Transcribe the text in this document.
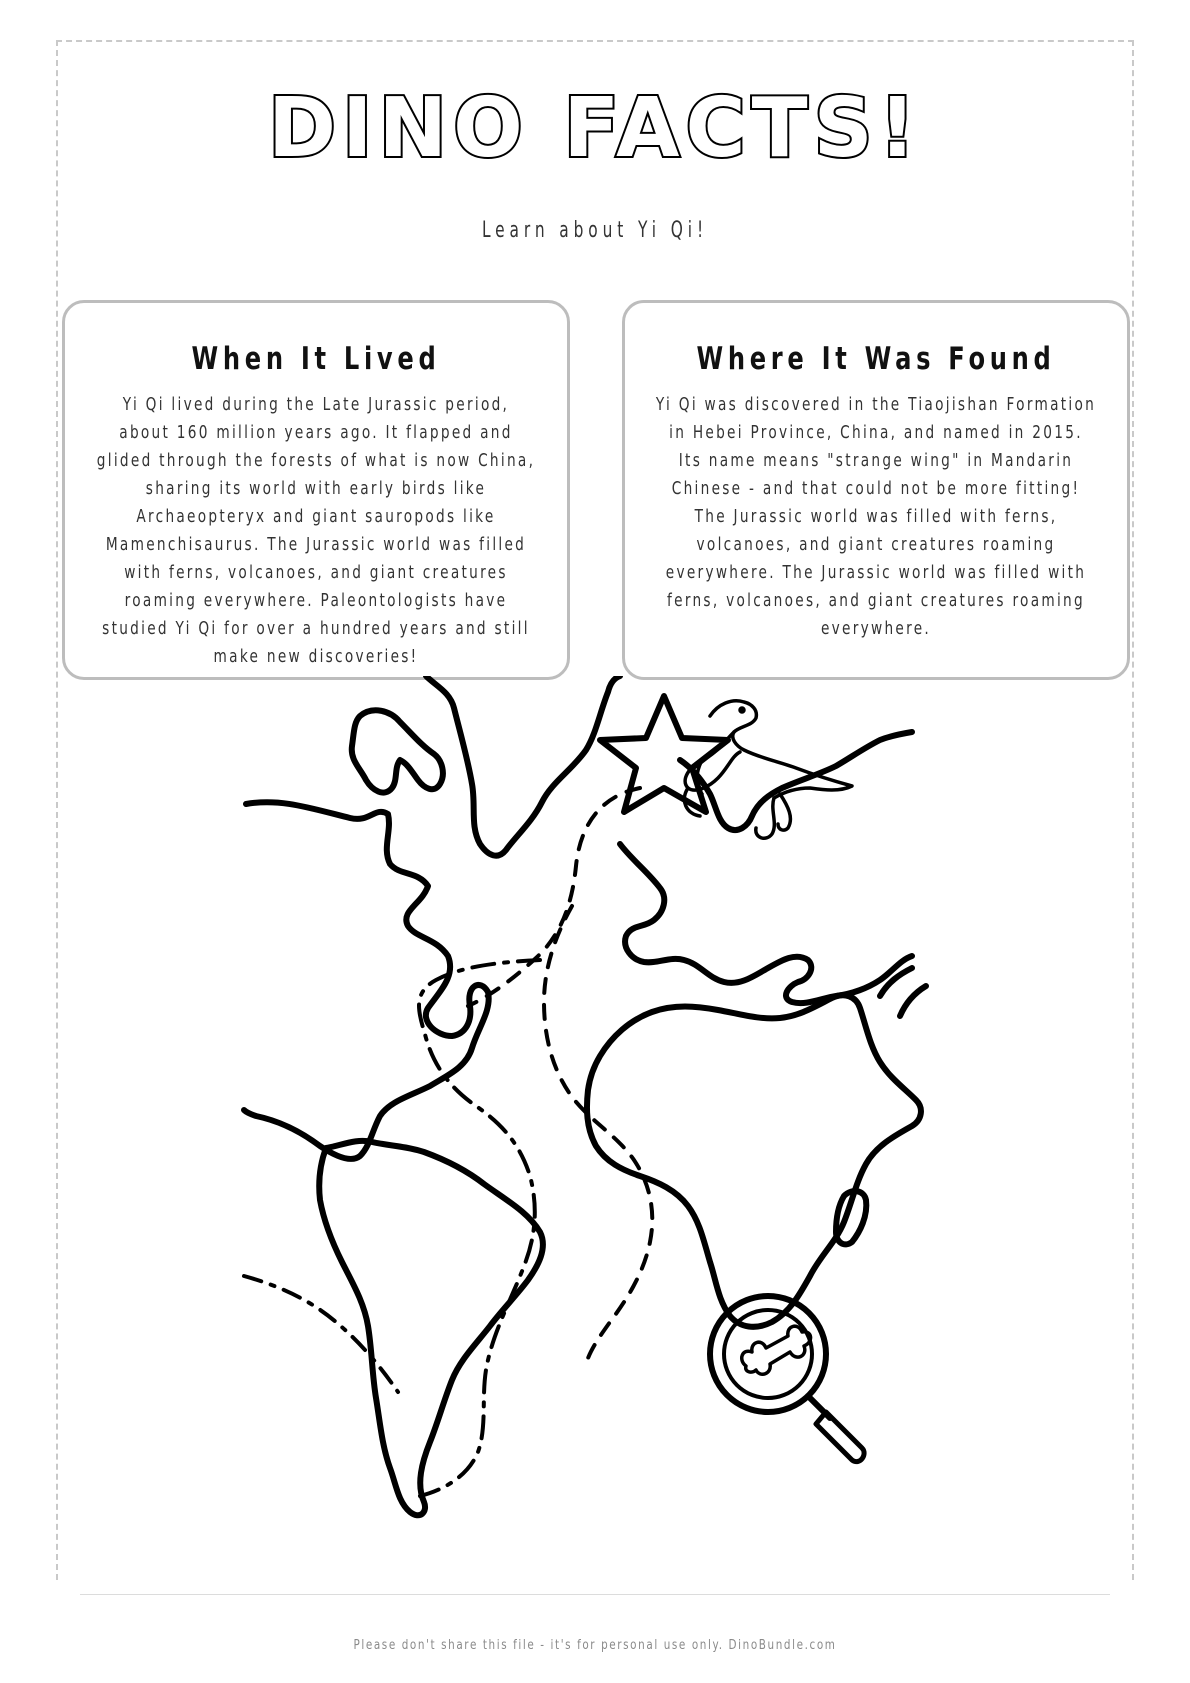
DINO FACTS!

Learn about Yi Qi!

When It Lived

Yi Qi lived during the Late Jurassic period, about 160 million years ago. It flapped and glided through the forests of what is now China, sharing its world with early birds like Archaeopteryx and giant sauropods like Mamenchisaurus. The Jurassic world was filled with ferns, volcanoes, and giant creatures roaming everywhere. Paleontologists have studied Yi Qi for over a hundred years and still make new discoveries!

Where It Was Found

Yi Qi was discovered in the Tiaojishan Formation in Hebei Province, China, and named in 2015. Its name means "strange wing" in Mandarin Chinese - and that could not be more fitting! The Jurassic world was filled with ferns, volcanoes, and giant creatures roaming everywhere. The Jurassic world was filled with ferns, volcanoes, and giant creatures roaming everywhere.

Please don't share this file - it's for personal use only. DinoBundle.com
